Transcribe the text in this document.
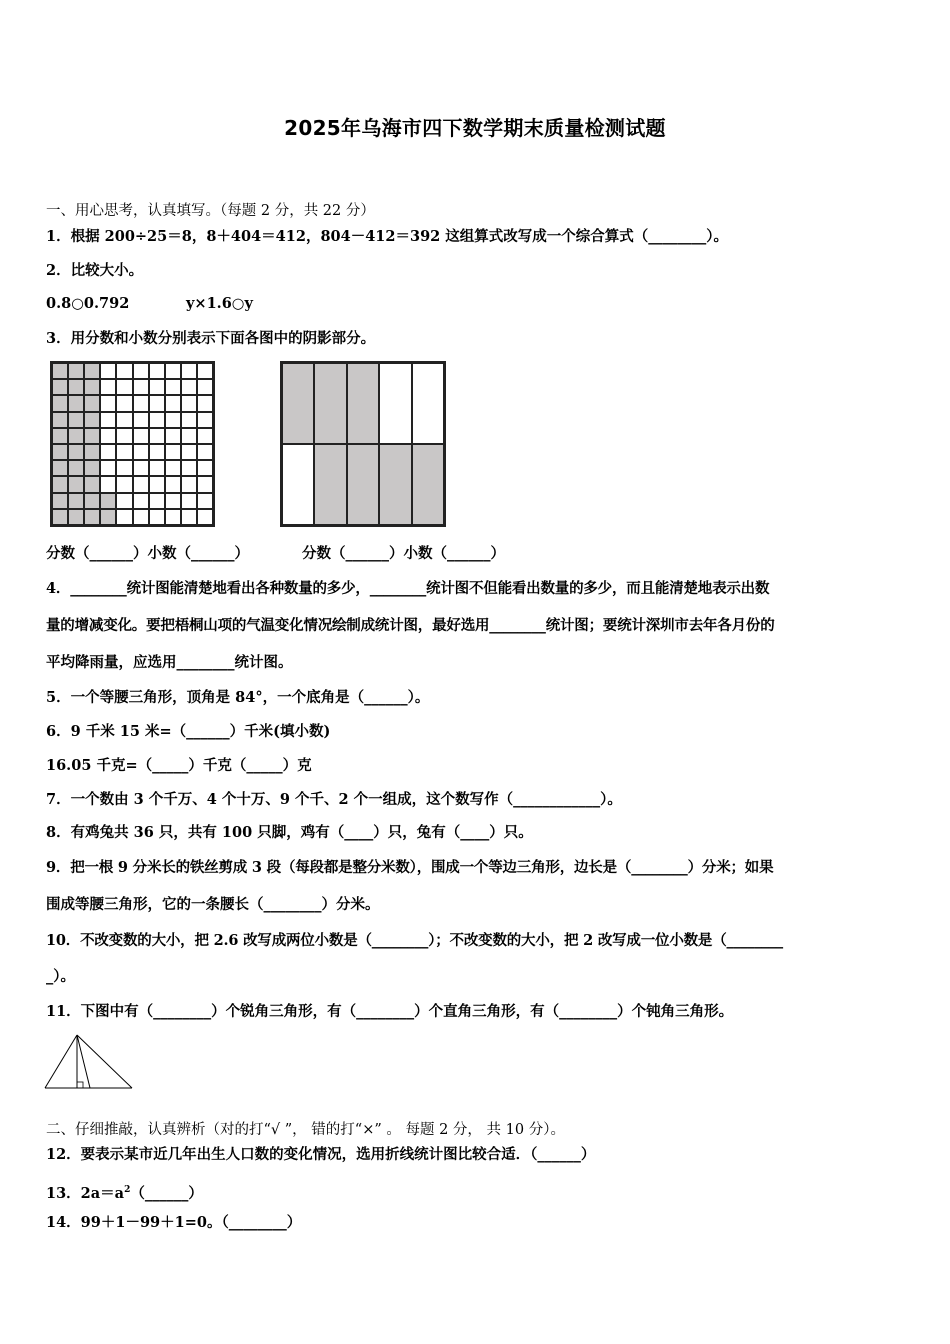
2025年乌海市四下数学期末质量检测试题
一、用心思考，认真填写。（每题 2 分，共 22 分）
1．根据 200÷25＝8，8＋404＝412，804－412＝392 这组算式改写成一个综合算式（________）。
2．比较大小。
0.8○0.792	y×1.6○y
3．用分数和小数分别表示下面各图中的阴影部分。
分数（______）小数（______）	分数（______）小数（______）
4．________统计图能清楚地看出各种数量的多少，________统计图不但能看出数量的多少，而且能清楚地表示出数
量的增减变化。要把梧桐山项的气温变化情况绘制成统计图，最好选用________统计图；要统计深圳市去年各月份的
平均降雨量，应选用________统计图。
5．一个等腰三角形，顶角是 84°，一个底角是（______）。
6．9 千米 15 米=（______）千米(填小数)
16.05 千克=（_____）千克（_____）克
7．一个数由 3 个千万、4 个十万、9 个千、2 个一组成，这个数写作（____________）。
8．有鸡兔共 36 只，共有 100 只脚，鸡有（____）只，兔有（____）只。
9．把一根 9 分米长的铁丝剪成 3 段（每段都是整分米数），围成一个等边三角形，边长是（________）分米；如果
围成等腰三角形，它的一条腰长（________）分米。
10．不改变数的大小，把 2.6 改写成两位小数是（________）；不改变数的大小，把 2 改写成一位小数是（________
_）。
11．下图中有（________）个锐角三角形，有（________）个直角三角形，有（________）个钝角三角形。
二、仔细推敲，认真辨析（对的打“√ ”， 错的打“×” 。 每题 2 分， 共 10 分）。
12．要表示某市近几年出生人口数的变化情况，选用折线统计图比较合适．（______）
13．$2a=a^2(\_\_\_\_\_\_)$
14．99＋1－99＋1=0。（________）
